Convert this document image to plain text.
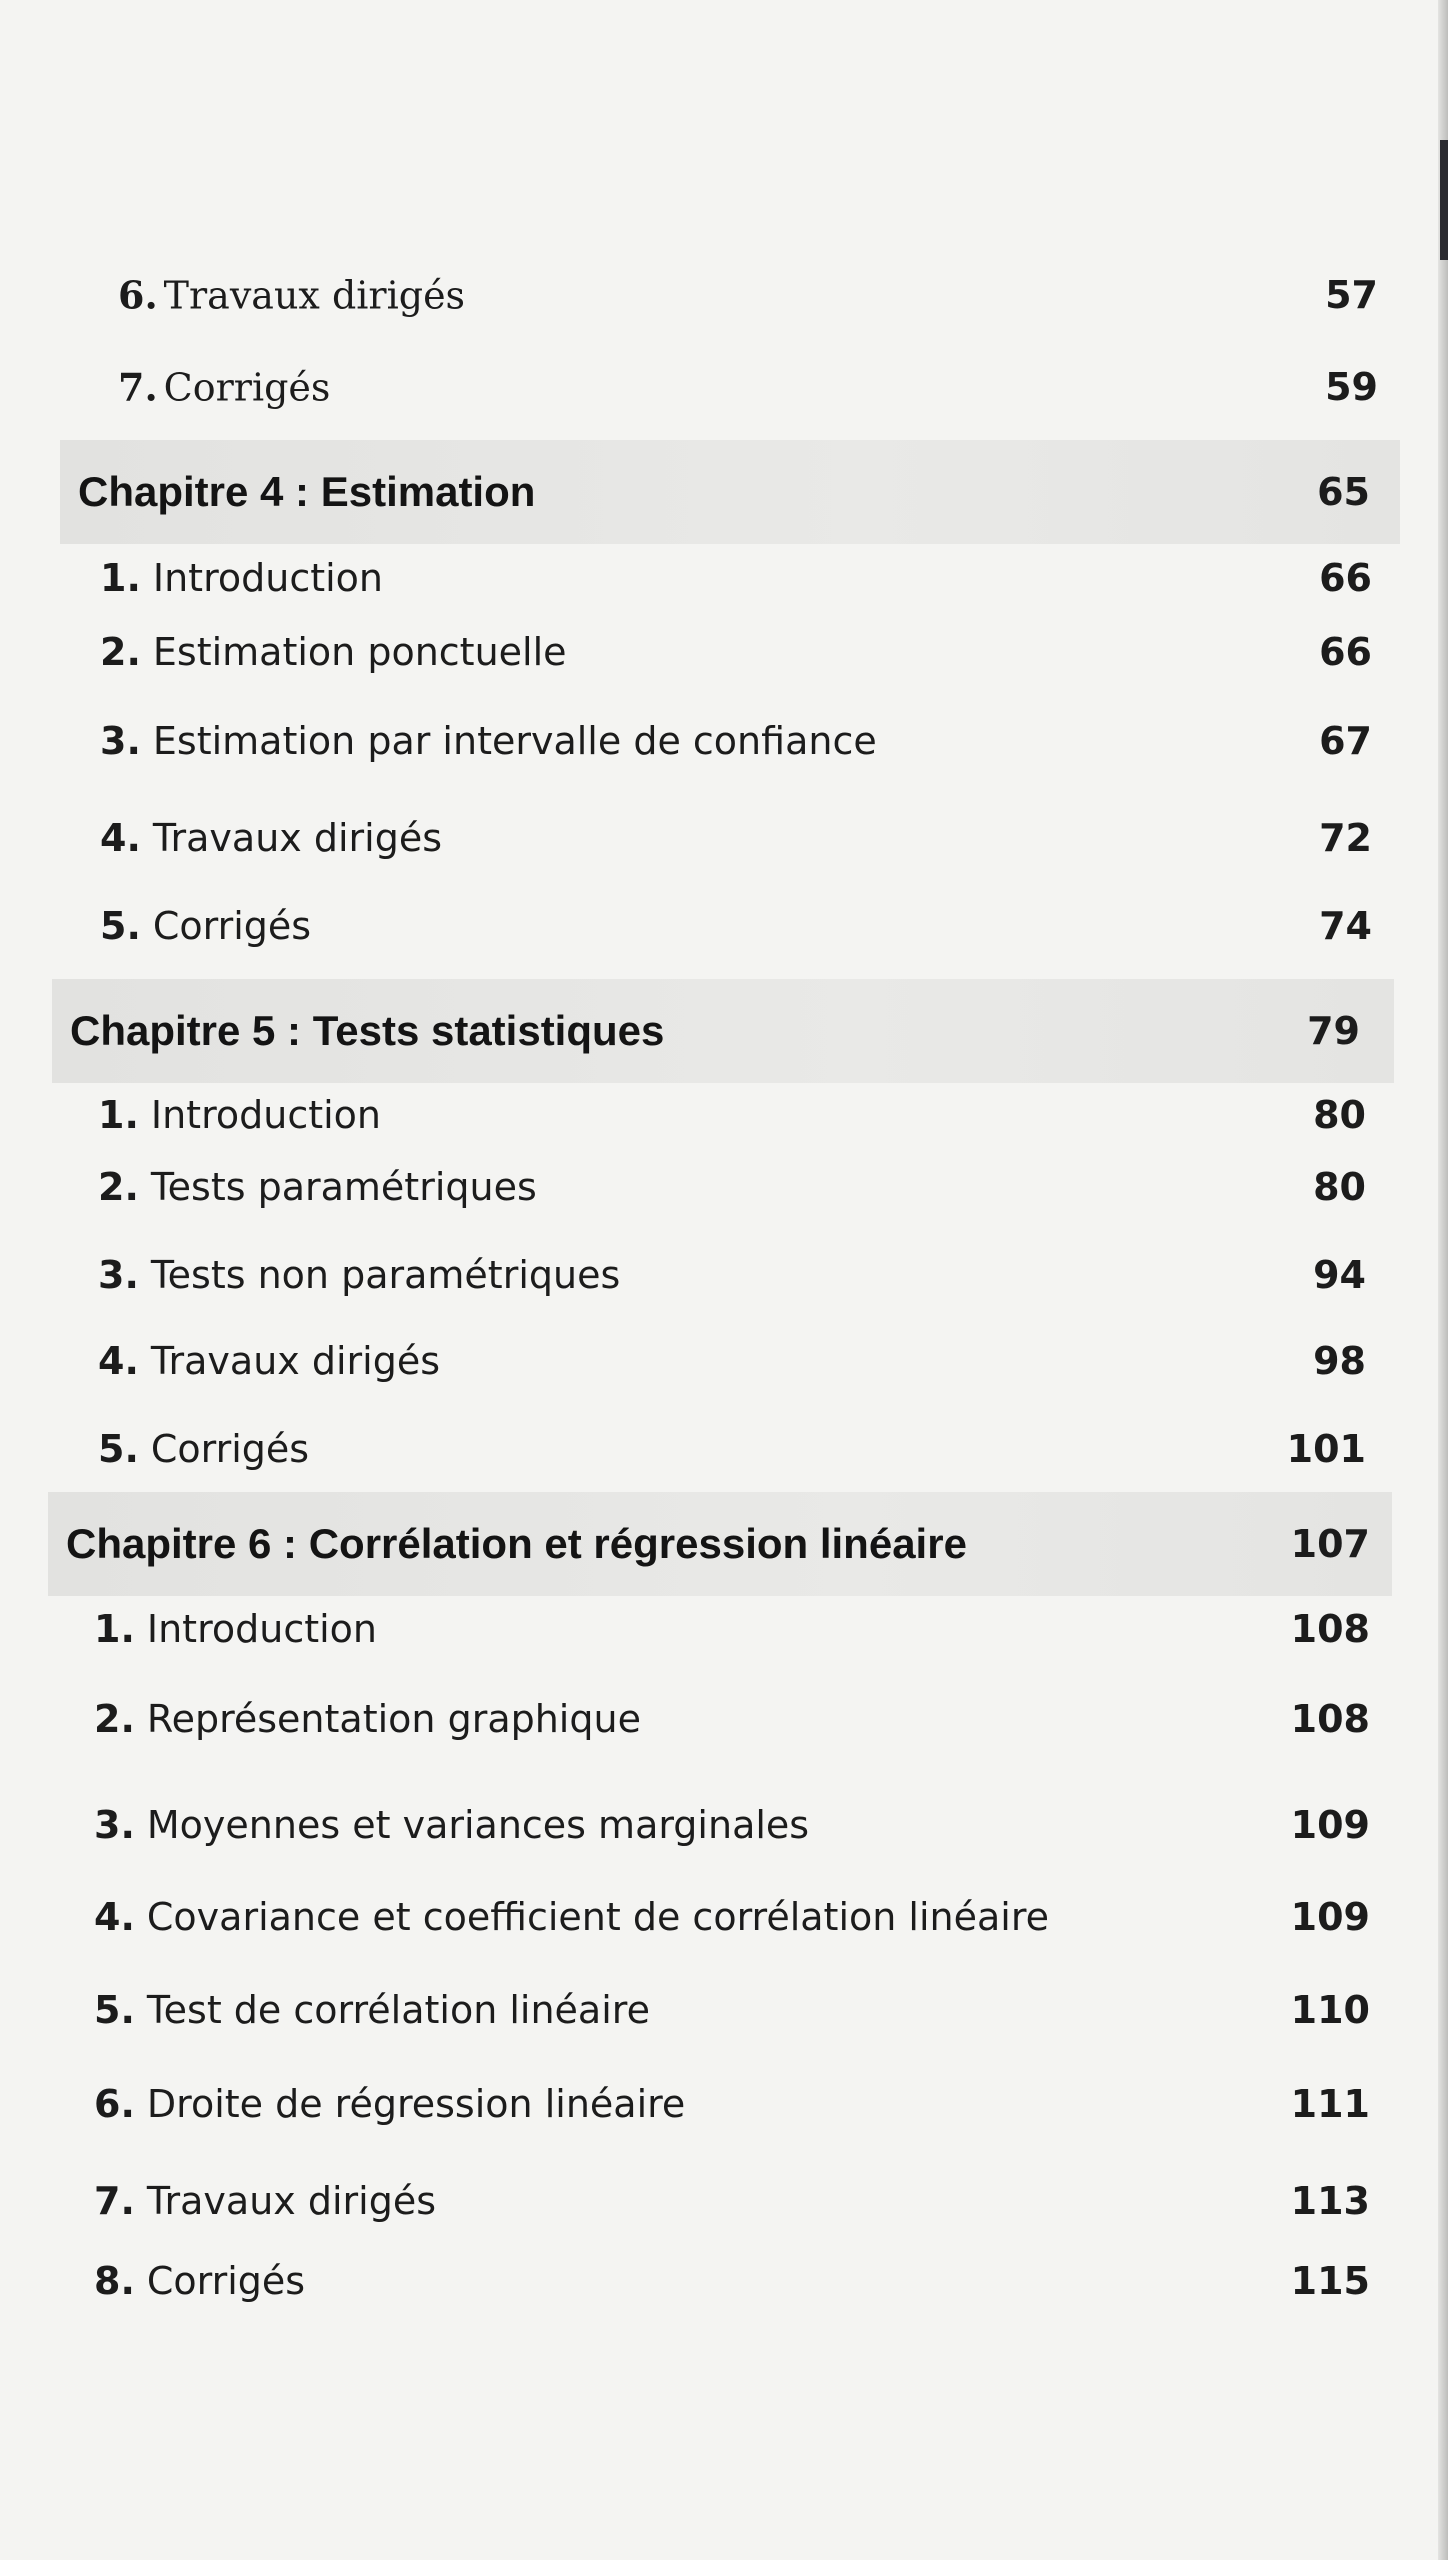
6. Travaux dirigés	57
7. Corrigés	59
Chapitre 4 : Estimation	65
1. Introduction	66
2. Estimation ponctuelle	66
3. Estimation par intervalle de confiance	67
4. Travaux dirigés	72
5. Corrigés	74
Chapitre 5 : Tests statistiques	79
1. Introduction	80
2. Tests paramétriques	80
3. Tests non paramétriques	94
4. Travaux dirigés	98
5. Corrigés	101
Chapitre 6 : Corrélation et régression linéaire	107
1. Introduction	108
2. Représentation graphique	108
3. Moyennes et variances marginales	109
4. Covariance et coefficient de corrélation linéaire	109
5. Test de corrélation linéaire	110
6. Droite de régression linéaire	111
7. Travaux dirigés	113
8. Corrigés	115
